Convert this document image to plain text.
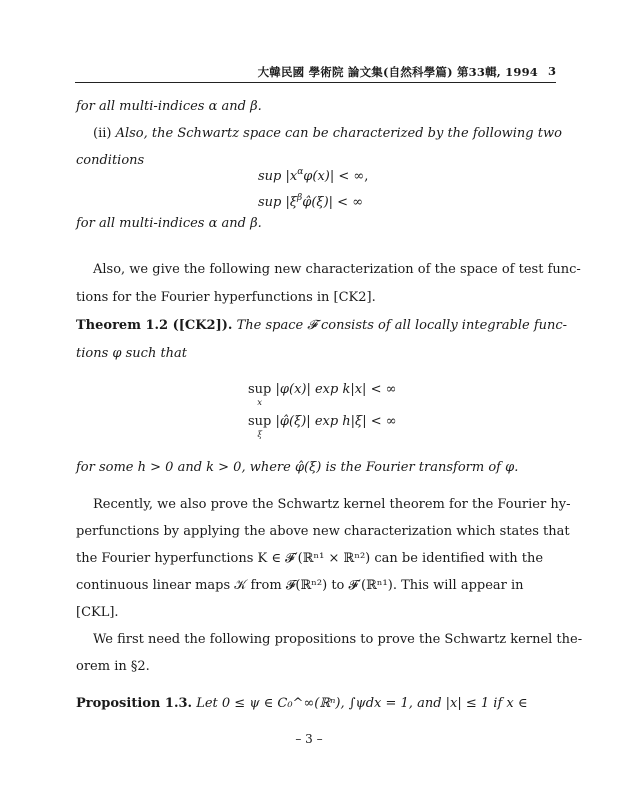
大韓民國 學術院 論文集(自然科學篇) 第33輯, 1994 3
for all multi-indices α and β.
(ii) Also, the Schwartz space can be characterized by the following two
conditions
sup $|x^\alpha\varphi(x)|$ < ∞,
sup $|\xi^\beta\varphî(\xi)|$ < ∞
for all multi-indices α and β.
Also, we give the following new characterization of the space of test func-
tions for the Fourier hyperfunctions in [CK2].
Theorem 1.2 ([CK2]). The space 𝓕 consists of all locally integrable func-
tions φ such that
sup
x
|φ(x)| exp k|x| < ∞
sup
ξ
|φ̂(ξ)| exp h|ξ| < ∞
for some h > 0 and k > 0, where φ̂(ξ) is the Fourier transform of φ.
Recently, we also prove the Schwartz kernel theorem for the Fourier hy-
perfunctions by applying the above new characterization which states that
the Fourier hyperfunctions K ∈ 𝓕′(ℝⁿ¹ × ℝⁿ²) can be identified with the
continuous linear maps 𝒦 from 𝓕(ℝⁿ²) to 𝓕′(ℝⁿ¹). This will appear in
[CKL].
We first need the following propositions to prove the Schwartz kernel the-
orem in §2.
Proposition 1.3. Let 0 ≤ ψ ∈ C₀^∞(ℝⁿ), ∫ψdx = 1, and |x| ≤ 1 if x ∈
– 3 –
